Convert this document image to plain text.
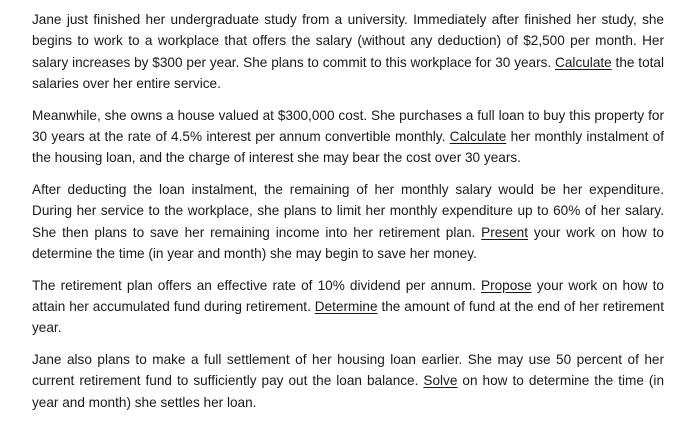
Jane just finished her undergraduate study from a university. Immediately after finished her study, she begins to work to a workplace that offers the salary (without any deduction) of $2,500 per month. Her salary increases by $300 per year. She plans to commit to this workplace for 30 years. Calculate the total salaries over her entire service.

Meanwhile, she owns a house valued at $300,000 cost. She purchases a full loan to buy this property for 30 years at the rate of 4.5% interest per annum convertible monthly. Calculate her monthly instalment of the housing loan, and the charge of interest she may bear the cost over 30 years.

After deducting the loan instalment, the remaining of her monthly salary would be her expenditure. During her service to the workplace, she plans to limit her monthly expenditure up to 60% of her salary. She then plans to save her remaining income into her retirement plan. Present your work on how to determine the time (in year and month) she may begin to save her money.

The retirement plan offers an effective rate of 10% dividend per annum. Propose your work on how to attain her accumulated fund during retirement. Determine the amount of fund at the end of her retirement year.

Jane also plans to make a full settlement of her housing loan earlier. She may use 50 percent of her current retirement fund to sufficiently pay out the loan balance. Solve on how to determine the time (in year and month) she settles her loan.
